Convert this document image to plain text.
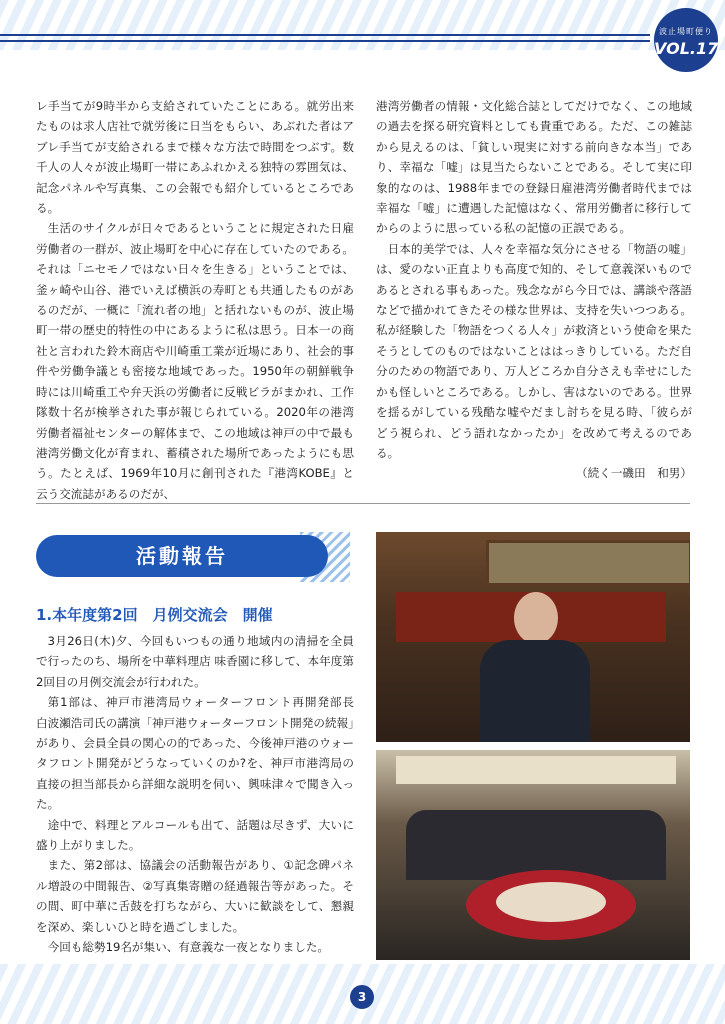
波止場町便り
VOL.17

レ手当てが9時半から支給されていたことにある。就労出来たものは求人店社で就労後に日当をもらい、あぶれた者はアブレ手当てが支給されるまで様々な方法で時間をつぶす。数千人の人々が波止場町一帯にあふれかえる独特の雰囲気は、記念パネルや写真集、この会報でも紹介しているところである。

生活のサイクルが日々であるということに規定された日雇労働者の一群が、波止場町を中心に存在していたのである。それは「ニセモノではない日々を生きる」ということでは、釜ヶ崎や山谷、港でいえば横浜の寿町とも共通したものがあるのだが、一概に「流れ者の地」と括れないものが、波止場町一帯の歴史的特性の中にあるように私は思う。日本一の商社と言われた鈴木商店や川崎重工業が近場にあり、社会的事件や労働争議とも密接な地域であった。1950年の朝鮮戦争時には川崎重工や弁天浜の労働者に反戦ビラがまかれ、工作隊数十名が検挙された事が報じられている。2020年の港湾労働者福祉センターの解体まで、この地域は神戸の中で最も港湾労働文化が育まれ、蓄積された場所であったようにも思う。たとえば、1969年10月に創刊された『港湾KOBE』と云う交流誌があるのだが、

港湾労働者の情報・文化総合誌としてだけでなく、この地域の過去を探る研究資料としても貴重である。ただ、この雑誌から見えるのは、「貧しい現実に対する前向きな本当」であり、幸福な「嘘」は見当たらないことである。そして実に印象的なのは、1988年までの登録日雇港湾労働者時代までは幸福な「嘘」に遭遇した記憶はなく、常用労働者に移行してからのように思っている私の記憶の正誤である。

日本的美学では、人々を幸福な気分にさせる「物語の嘘」は、愛のない正直よりも高度で知的、そして意義深いものであるとされる事もあった。残念ながら今日では、講談や落語などで描かれてきたその様な世界は、支持を失いつつある。私が経験した「物語をつくる人々」が救済という使命を果たそうとしてのものではないことははっきりしている。ただ自分のための物語であり、万人どころか自分さえも幸せにしたかも怪しいところである。しかし、害はないのである。世界を揺るがしている残酷な嘘やだまし討ちを見る時、「彼らがどう視られ、どう語れなかったか」を改めて考えるのである。

（続く一磯田　和男）
活動報告
1.本年度第2回　月例交流会　開催

3月26日(木)夕、今回もいつもの通り地域内の清掃を全員で行ったのち、場所を中華料理店 味香園に移して、本年度第2回目の月例交流会が行われた。

第1部は、神戸市港湾局ウォーターフロント再開発部長　白波瀬浩司氏の講演「神戸港ウォーターフロント開発の続報」があり、会員全員の関心の的であった、今後神戸港のウォータフロント開発がどうなっていくのか?を、神戸市港湾局の直接の担当部長から詳細な説明を伺い、興味津々で聞き入った。

途中で、料理とアルコールも出て、話題は尽きず、大いに盛り上がりました。

また、第2部は、協議会の活動報告があり、①記念碑パネル増設の中間報告、②写真集寄贈の経過報告等があった。その間、町中華に舌鼓を打ちながら、大いに歓談をして、懇親を深め、楽しいひと時を過ごしました。

今回も総勢19名が集い、有意義な一夜となりました。

3
